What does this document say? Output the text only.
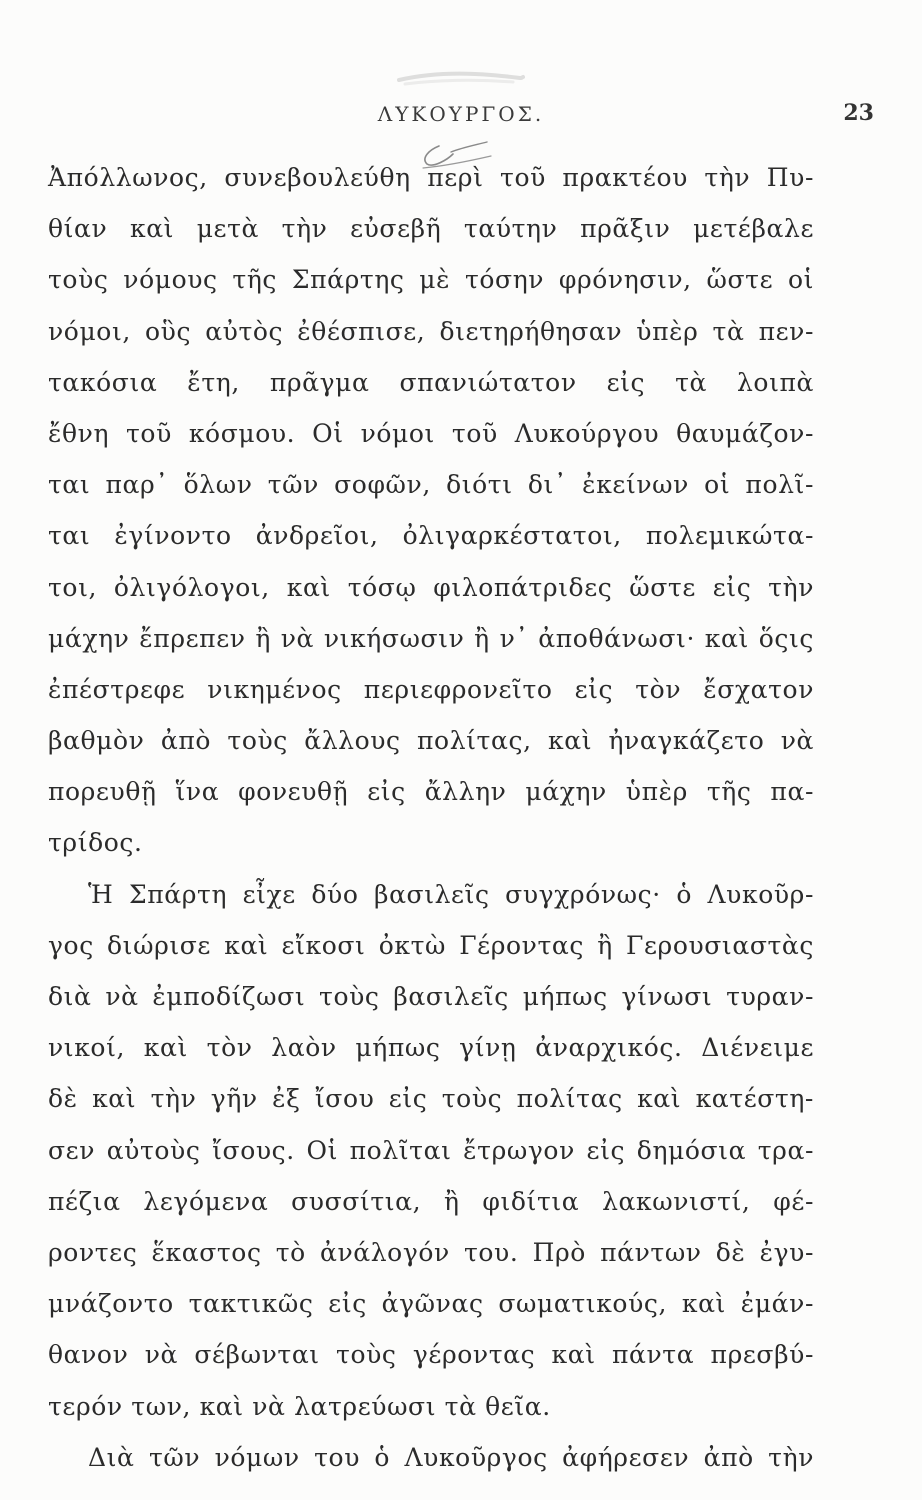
ΛΥΚΟΥΡΓΟΣ.	23
Ἀπόλλωνος, συνεβουλεύθη περὶ τοῦ πρακτέου τὴν Πυ-
θίαν καὶ μετὰ τὴν εὐσεβῆ ταύτην πρᾶξιν μετέβαλε
τοὺς νόμους τῆς Σπάρτης μὲ τόσην φρόνησιν, ὥστε οἱ
νόμοι, οὓς αὐτὸς ἐθέσπισε, διετηρήθησαν ὑπὲρ τὰ πεν-
τακόσια ἔτη, πρᾶγμα σπανιώτατον εἰς τὰ λοιπὰ
ἔθνη τοῦ κόσμου. Οἱ νόμοι τοῦ Λυκούργου θαυμάζον-
ται παρ᾽ ὅλων τῶν σοφῶν, διότι δι᾽ ἐκείνων οἱ πολῖ-
ται ἐγίνοντο ἀνδρεῖοι, ὀλιγαρκέστατοι, πολεμικώτα-
τοι, ὀλιγόλογοι, καὶ τόσῳ φιλοπάτριδες ὥστε εἰς τὴν
μάχην ἔπρεπεν ἢ νὰ νικήσωσιν ἢ ν᾽ ἀποθάνωσι· καὶ ὅςις
ἐπέστρεφε νικημένος περιεφρονεῖτο εἰς τὸν ἔσχατον
βαθμὸν ἀπὸ τοὺς ἄλλους πολίτας, καὶ ἠναγκάζετο νὰ
πορευθῇ ἵνα φονευθῇ εἰς ἄλλην μάχην ὑπὲρ τῆς πα-
τρίδος.
Ἡ Σπάρτη εἶχε δύο βασιλεῖς συγχρόνως· ὁ Λυκοῦρ-
γος διώρισε καὶ εἴκοσι ὀκτὼ Γέροντας ἢ Γερουσιαστὰς
διὰ νὰ ἐμποδίζωσι τοὺς βασιλεῖς μήπως γίνωσι τυραν-
νικοί, καὶ τὸν λαὸν μήπως γίνῃ ἀναρχικός. Διένειμε
δὲ καὶ τὴν γῆν ἐξ ἴσου εἰς τοὺς πολίτας καὶ κατέστη-
σεν αὐτοὺς ἴσους. Οἱ πολῖται ἔτρωγον εἰς δημόσια τρα-
πέζια λεγόμενα συσσίτια, ἢ φιδίτια λακωνιστί, φέ-
ροντες ἕκαστος τὸ ἀνάλογόν του. Πρὸ πάντων δὲ ἐγυ-
μνάζοντο τακτικῶς εἰς ἀγῶνας σωματικούς, καὶ ἐμάν-
θανον νὰ σέβωνται τοὺς γέροντας καὶ πάντα πρεσβύ-
τερόν των, καὶ νὰ λατρεύωσι τὰ θεῖα.
Διὰ τῶν νόμων του ὁ Λυκοῦργος ἀφήρεσεν ἀπὸ τὴν
